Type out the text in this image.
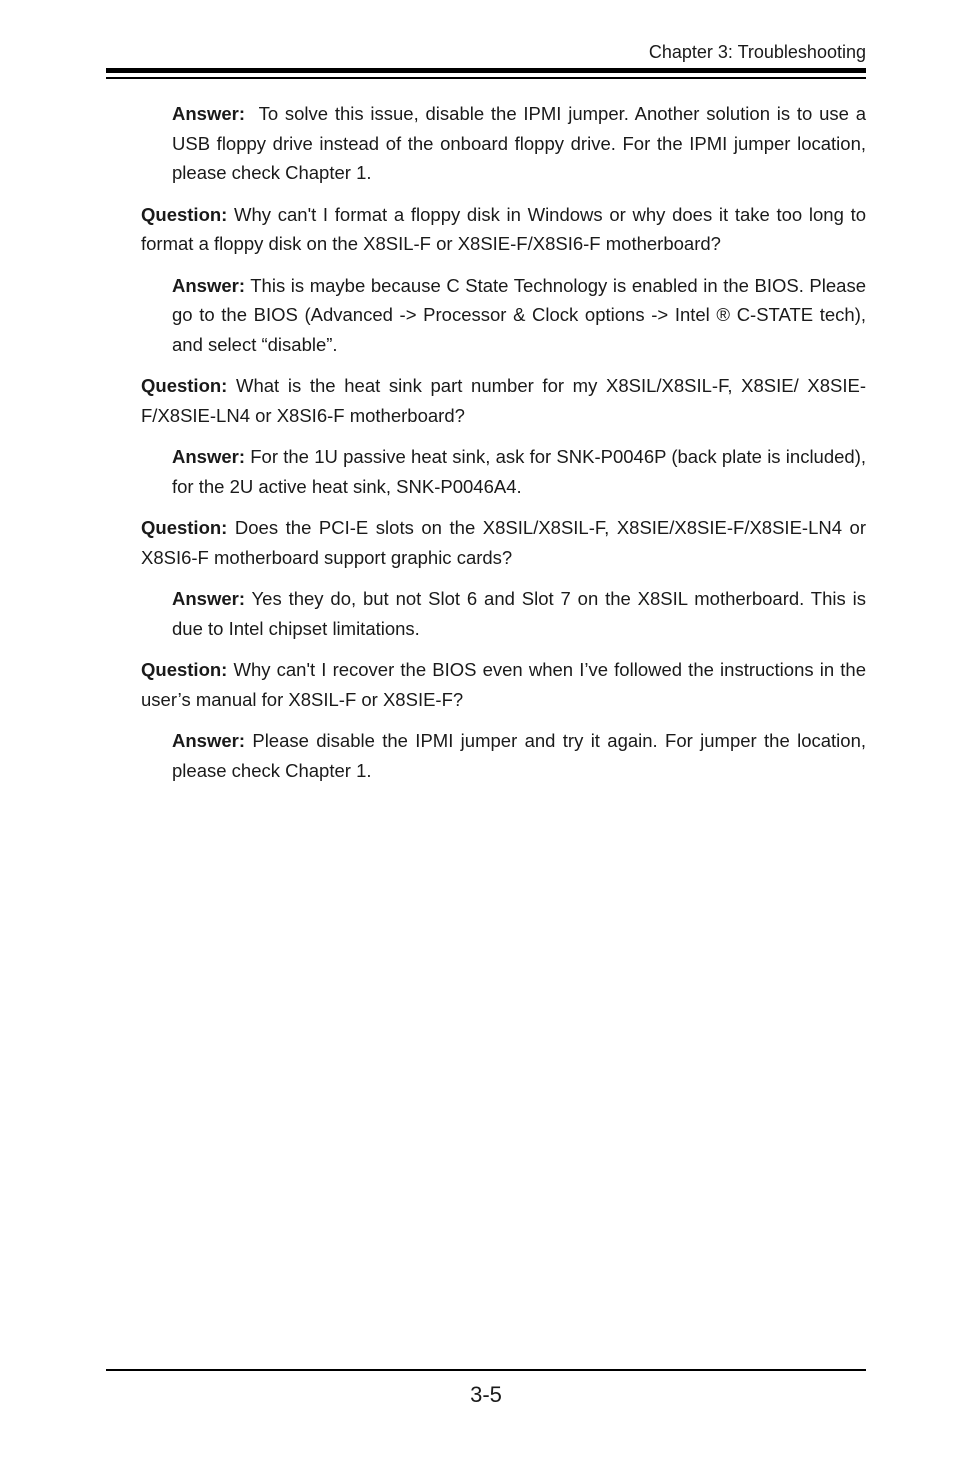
Chapter 3: Troubleshooting

Answer: To solve this issue, disable the IPMI jumper. Another solution is to use a USB floppy drive instead of the onboard floppy drive. For the IPMI jumper location, please check Chapter 1.

Question: Why can't I format a floppy disk in Windows or why does it take too long to format a floppy disk on the X8SIL-F or X8SIE-F/X8SI6-F motherboard?

Answer: This is maybe because C State Technology is enabled in the BIOS. Please go to the BIOS (Advanced -> Processor & Clock options -> Intel ® C-STATE tech), and select “disable”.

Question: What is the heat sink part number for my X8SIL/X8SIL-F, X8SIE/ X8SIE-F/X8SIE-LN4 or X8SI6-F motherboard?

Answer: For the 1U passive heat sink, ask for SNK-P0046P (back plate is included), for the 2U active heat sink, SNK-P0046A4.

Question: Does the PCI-E slots on the X8SIL/X8SIL-F, X8SIE/X8SIE-F/X8SIE-LN4 or X8SI6-F motherboard support graphic cards?

Answer: Yes they do, but not Slot 6 and Slot 7 on the X8SIL motherboard. This is due to Intel chipset limitations.

Question: Why can't I recover the BIOS even when I’ve followed the instructions in the user’s manual for X8SIL-F or X8SIE-F?

Answer: Please disable the IPMI jumper and try it again. For jumper the location, please check Chapter 1.

3-5
